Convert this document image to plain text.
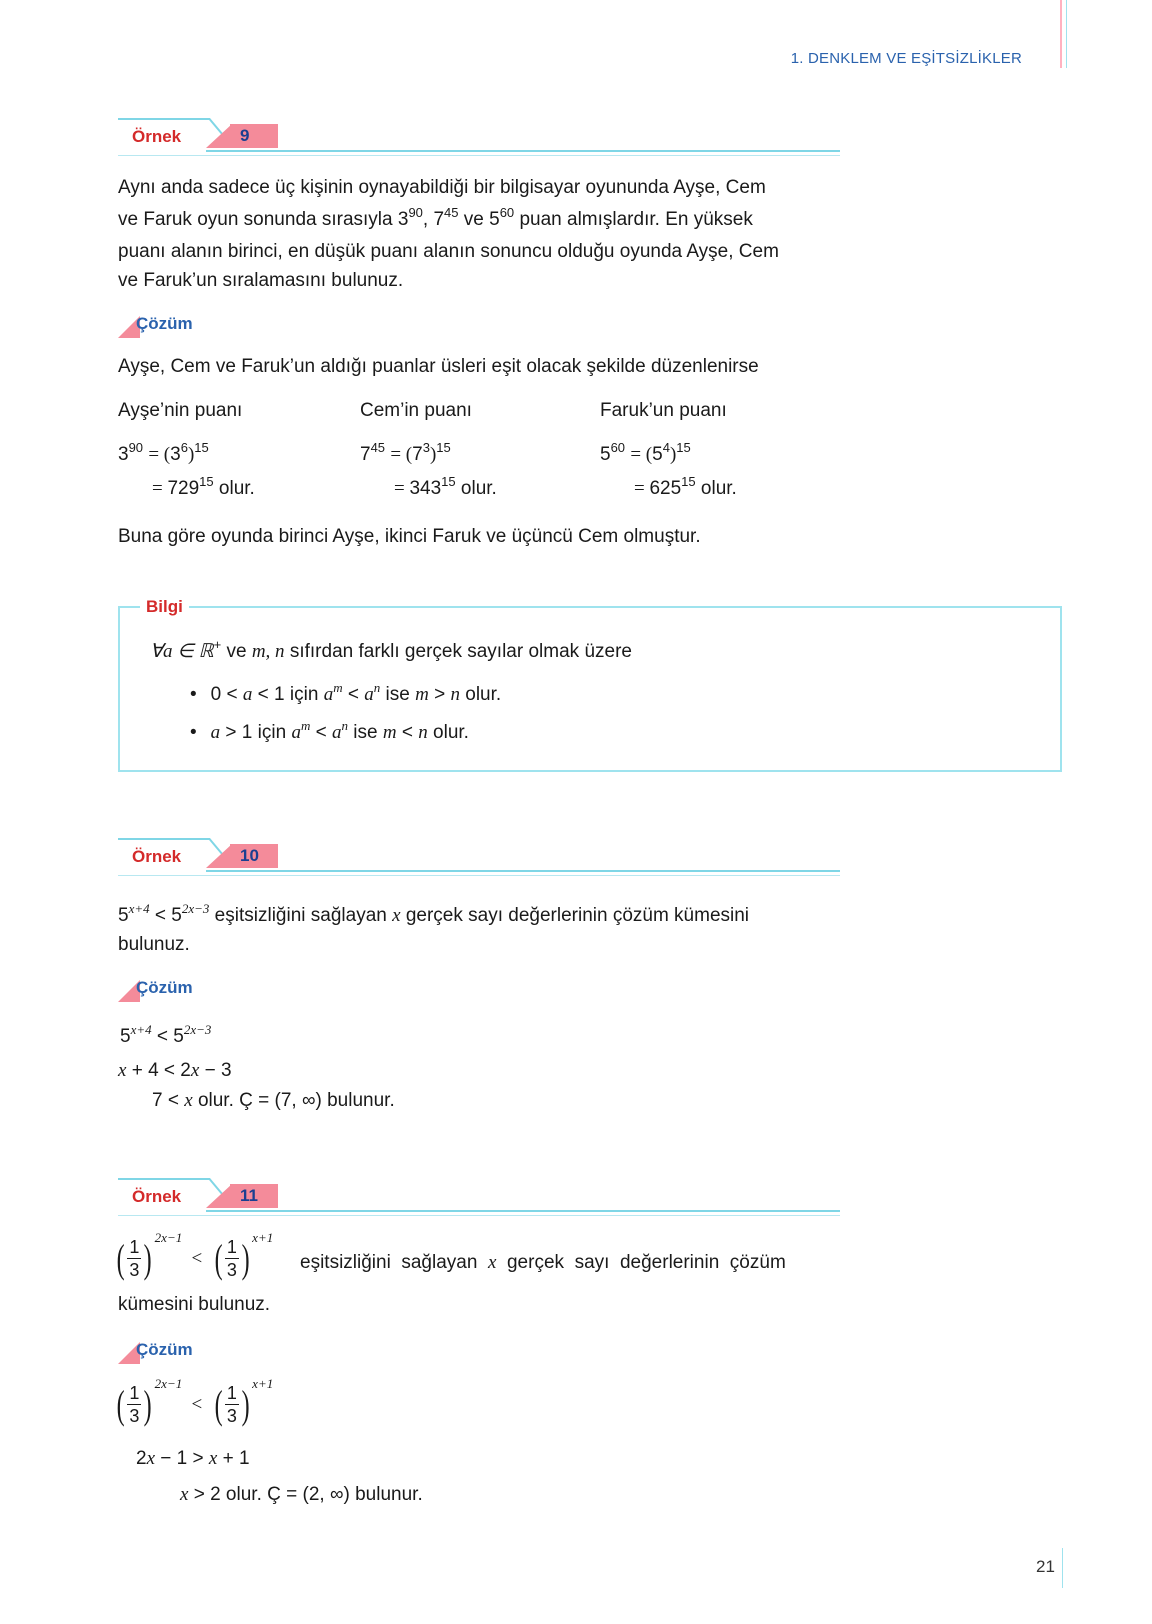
1. DENKLEM VE EŞİTSİZLİKLER
Örnek	9

Aynı anda sadece üç kişinin oynayabildiği bir bilgisayar oyununda Ayşe, Cem

ve Faruk oyun sonunda sırasıyla $3^{90}$, $7^{45}$ ve $5^{60}$ puan almışlardır. En yüksek

puanı alanın birinci, en düşük puanı alanın sonuncu olduğu oyunda Ayşe, Cem

ve Faruk’un sıralamasını bulunuz.

Çözüm
Ayşe, Cem ve Faruk’un aldığı puanlar üsleri eşit olacak şekilde düzenlenirse
Ayşe’nin puanı	Cem’in puanı	Faruk’un puanı
$3^{90} = (3^6)^{15}$	$7^{45} = (7^3)^{15}$	$5^{60} = (5^4)^{15}$
= $729^{15}$ olur.	= $343^{15}$ olur.	= $625^{15}$ olur.
Buna göre oyunda birinci Ayşe, ikinci Faruk ve üçüncü Cem olmuştur.
Bilgi
∀a ∈ ℝ+ ve m, n sıfırdan farklı gerçek sayılar olmak üzere
• 0 < a < 1 için $a^m < a^n$ ise m > n olur.
• a > 1 için $a^m < a^n$ ise m < n olur.
Örnek	10

$5^{x+4} < 5^{2x-3}$ eşitsizliğini sağlayan x gerçek sayı değerlerinin çözüm kümesini

bulunuz.

Çözüm
$5^{x+4} < 5^{2x-3}$
x + 4 < 2x − 3
7 < x olur. Ç = (7, ∞) bulunur.
Örnek	11
( $\frac{1}{3}$ ) $^{2x-1}$ < ( $\frac{1}{3}$ ) $^{x+1}$
eşitsizliğini  sağlayan  x  gerçek  sayı  değerlerinin  çözüm
kümesini bulunuz.
Çözüm
( $\frac{1}{3}$ ) $^{2x-1}$ < ( $\frac{1}{3}$ ) $^{x+1}$
2x − 1 > x + 1
x > 2 olur. Ç = (2, ∞) bulunur.
21
